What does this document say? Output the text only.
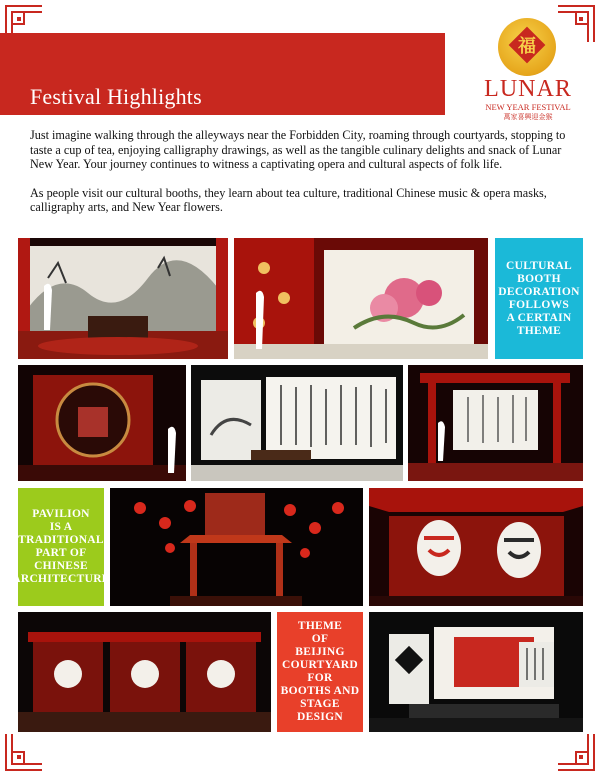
Festival Highlights
福
LUNAR
NEW YEAR FESTIVAL
萬家喜興迎金猴

Just imagine walking through the alleyways near the Forbidden City, roaming through courtyards, stopping to taste a cup of tea, enjoying calligraphy drawings, as well as the tangible culinary delights and snack of Lunar New Year. Your journey continues to witness a captivating opera and cultural aspects of folk life.

As people visit our cultural booths, they learn about tea culture, traditional Chinese music & opera masks, calligraphy arts, and New Year flowers.

CULTURAL
BOOTH
DECORATION
FOLLOWS
A CERTAIN
THEME
PAVILION
IS A
TRADITIONAL
PART OF
CHINESE
ARCHITECTURE
THEME
OF
BEIJING
COURTYARD
FOR
BOOTHS AND
STAGE DESIGN
